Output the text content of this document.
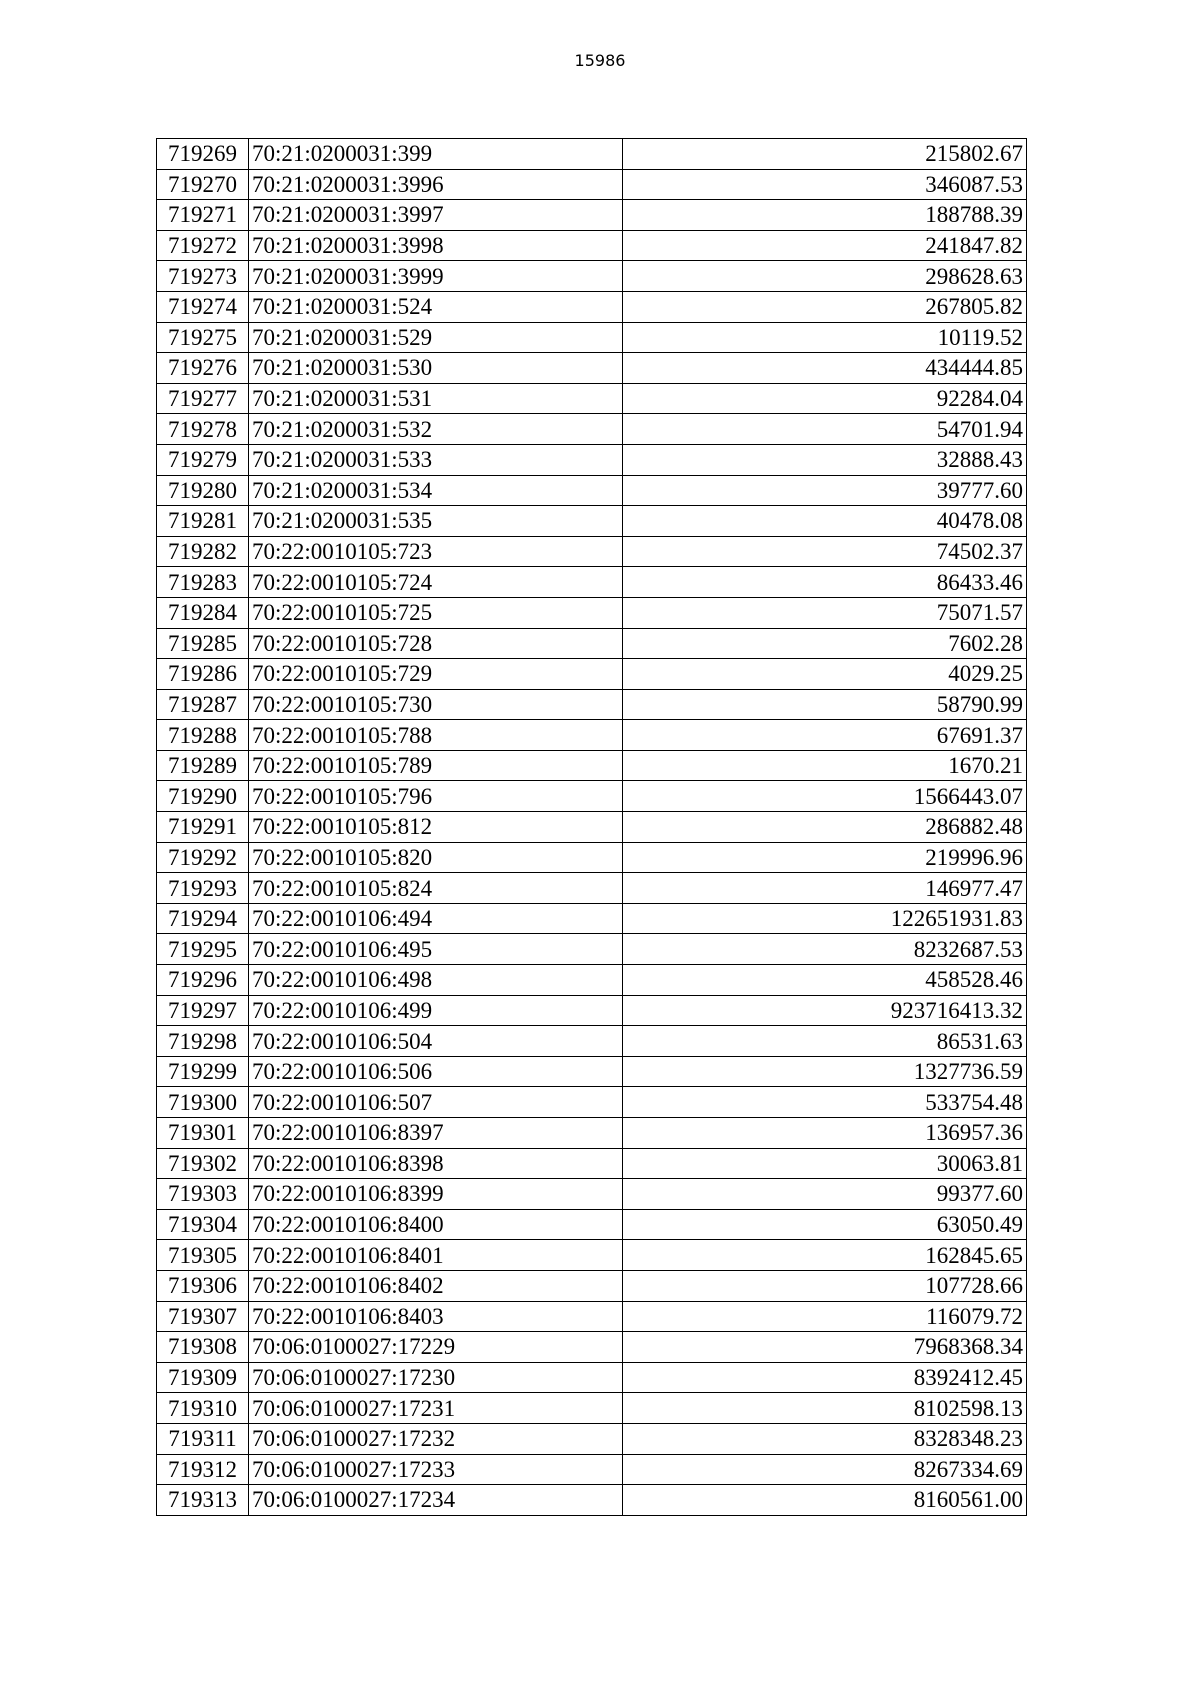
15986
719269	70:21:0200031:399	215802.67
719270	70:21:0200031:3996	346087.53
719271	70:21:0200031:3997	188788.39
719272	70:21:0200031:3998	241847.82
719273	70:21:0200031:3999	298628.63
719274	70:21:0200031:524	267805.82
719275	70:21:0200031:529	10119.52
719276	70:21:0200031:530	434444.85
719277	70:21:0200031:531	92284.04
719278	70:21:0200031:532	54701.94
719279	70:21:0200031:533	32888.43
719280	70:21:0200031:534	39777.60
719281	70:21:0200031:535	40478.08
719282	70:22:0010105:723	74502.37
719283	70:22:0010105:724	86433.46
719284	70:22:0010105:725	75071.57
719285	70:22:0010105:728	7602.28
719286	70:22:0010105:729	4029.25
719287	70:22:0010105:730	58790.99
719288	70:22:0010105:788	67691.37
719289	70:22:0010105:789	1670.21
719290	70:22:0010105:796	1566443.07
719291	70:22:0010105:812	286882.48
719292	70:22:0010105:820	219996.96
719293	70:22:0010105:824	146977.47
719294	70:22:0010106:494	122651931.83
719295	70:22:0010106:495	8232687.53
719296	70:22:0010106:498	458528.46
719297	70:22:0010106:499	923716413.32
719298	70:22:0010106:504	86531.63
719299	70:22:0010106:506	1327736.59
719300	70:22:0010106:507	533754.48
719301	70:22:0010106:8397	136957.36
719302	70:22:0010106:8398	30063.81
719303	70:22:0010106:8399	99377.60
719304	70:22:0010106:8400	63050.49
719305	70:22:0010106:8401	162845.65
719306	70:22:0010106:8402	107728.66
719307	70:22:0010106:8403	116079.72
719308	70:06:0100027:17229	7968368.34
719309	70:06:0100027:17230	8392412.45
719310	70:06:0100027:17231	8102598.13
719311	70:06:0100027:17232	8328348.23
719312	70:06:0100027:17233	8267334.69
719313	70:06:0100027:17234	8160561.00
